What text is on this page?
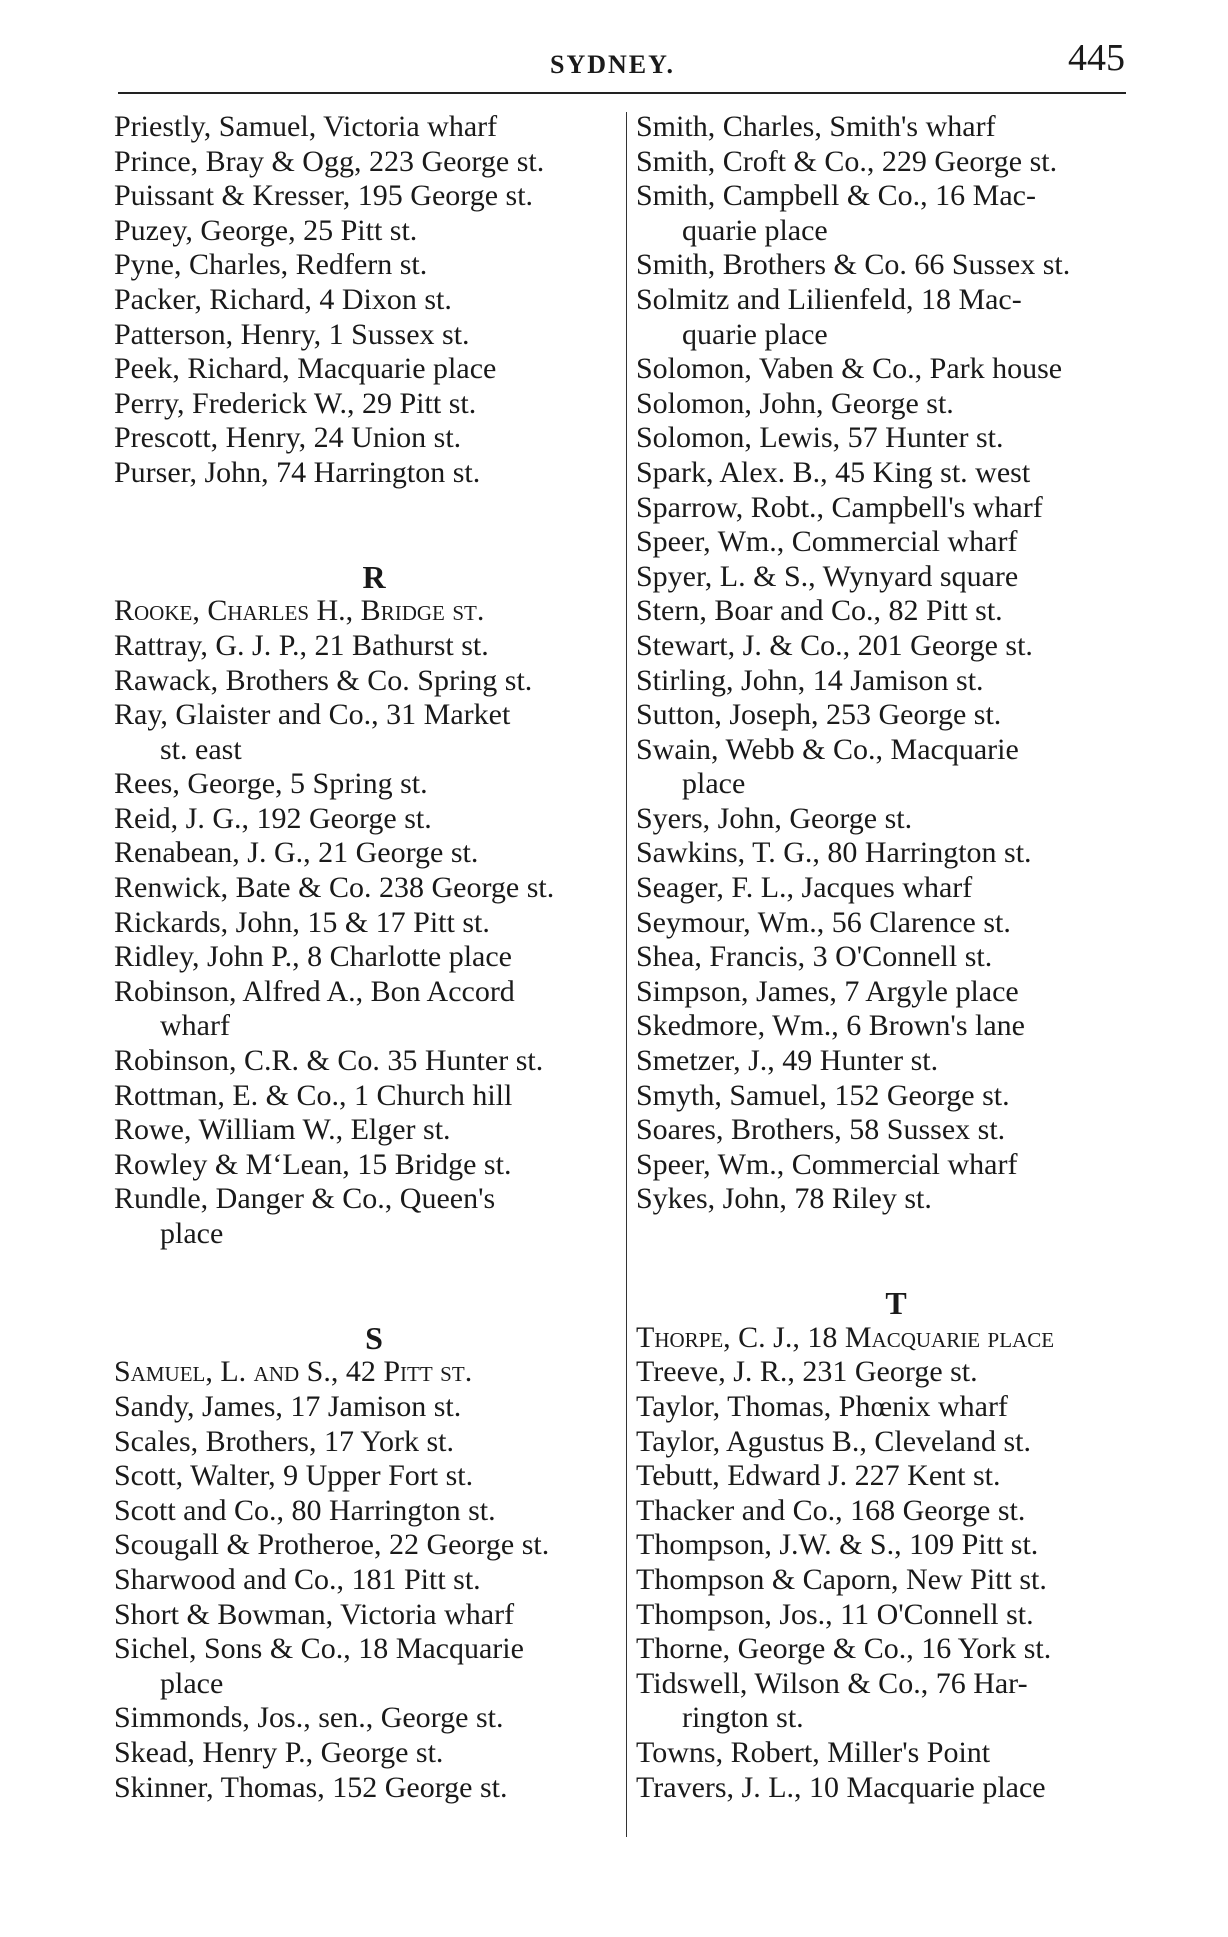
SYDNEY.	445
Priestly, Samuel, Victoria wharf
Prince, Bray & Ogg, 223 George st.
Puissant & Kresser, 195 George st.
Puzey, George, 25 Pitt st.
Pyne, Charles, Redfern st.
Packer, Richard, 4 Dixon st.
Patterson, Henry, 1 Sussex st.
Peek, Richard, Macquarie place
Perry, Frederick W., 29 Pitt st.
Prescott, Henry, 24 Union st.
Purser, John, 74 Harrington st.
R
Rooke, Charles H., Bridge st.
Rattray, G. J. P., 21 Bathurst st.
Rawack, Brothers & Co. Spring st.
Ray, Glaister and Co., 31 Market
st. east
Rees, George, 5 Spring st.
Reid, J. G., 192 George st.
Renabean, J. G., 21 George st.
Renwick, Bate & Co. 238 George st.
Rickards, John, 15 & 17 Pitt st.
Ridley, John P., 8 Charlotte place
Robinson, Alfred A., Bon Accord
wharf
Robinson, C.R. & Co. 35 Hunter st.
Rottman, E. & Co., 1 Church hill
Rowe, William W., Elger st.
Rowley & M‘Lean, 15 Bridge st.
Rundle, Danger & Co., Queen's
place
S
Samuel, L. and S., 42 Pitt st.
Sandy, James, 17 Jamison st.
Scales, Brothers, 17 York st.
Scott, Walter, 9 Upper Fort st.
Scott and Co., 80 Harrington st.
Scougall & Protheroe, 22 George st.
Sharwood and Co., 181 Pitt st.
Short & Bowman, Victoria wharf
Sichel, Sons & Co., 18 Macquarie
place
Simmonds, Jos., sen., George st.
Skead, Henry P., George st.
Skinner, Thomas, 152 George st.
Smith, Charles, Smith's wharf
Smith, Croft & Co., 229 George st.
Smith, Campbell & Co., 16 Mac-
quarie place
Smith, Brothers & Co. 66 Sussex st.
Solmitz and Lilienfeld, 18 Mac-
quarie place
Solomon, Vaben & Co., Park house
Solomon, John, George st.
Solomon, Lewis, 57 Hunter st.
Spark, Alex. B., 45 King st. west
Sparrow, Robt., Campbell's wharf
Speer, Wm., Commercial wharf
Spyer, L. & S., Wynyard square
Stern, Boar and Co., 82 Pitt st.
Stewart, J. & Co., 201 George st.
Stirling, John, 14 Jamison st.
Sutton, Joseph, 253 George st.
Swain, Webb & Co., Macquarie
place
Syers, John, George st.
Sawkins, T. G., 80 Harrington st.
Seager, F. L., Jacques wharf
Seymour, Wm., 56 Clarence st.
Shea, Francis, 3 O'Connell st.
Simpson, James, 7 Argyle place
Skedmore, Wm., 6 Brown's lane
Smetzer, J., 49 Hunter st.
Smyth, Samuel, 152 George st.
Soares, Brothers, 58 Sussex st.
Speer, Wm., Commercial wharf
Sykes, John, 78 Riley st.
T
Thorpe, C. J., 18 Macquarie place
Treeve, J. R., 231 George st.
Taylor, Thomas, Phœnix wharf
Taylor, Agustus B., Cleveland st.
Tebutt, Edward J. 227 Kent st.
Thacker and Co., 168 George st.
Thompson, J.W. & S., 109 Pitt st.
Thompson & Caporn, New Pitt st.
Thompson, Jos., 11 O'Connell st.
Thorne, George & Co., 16 York st.
Tidswell, Wilson & Co., 76 Har-
rington st.
Towns, Robert, Miller's Point
Travers, J. L., 10 Macquarie place
